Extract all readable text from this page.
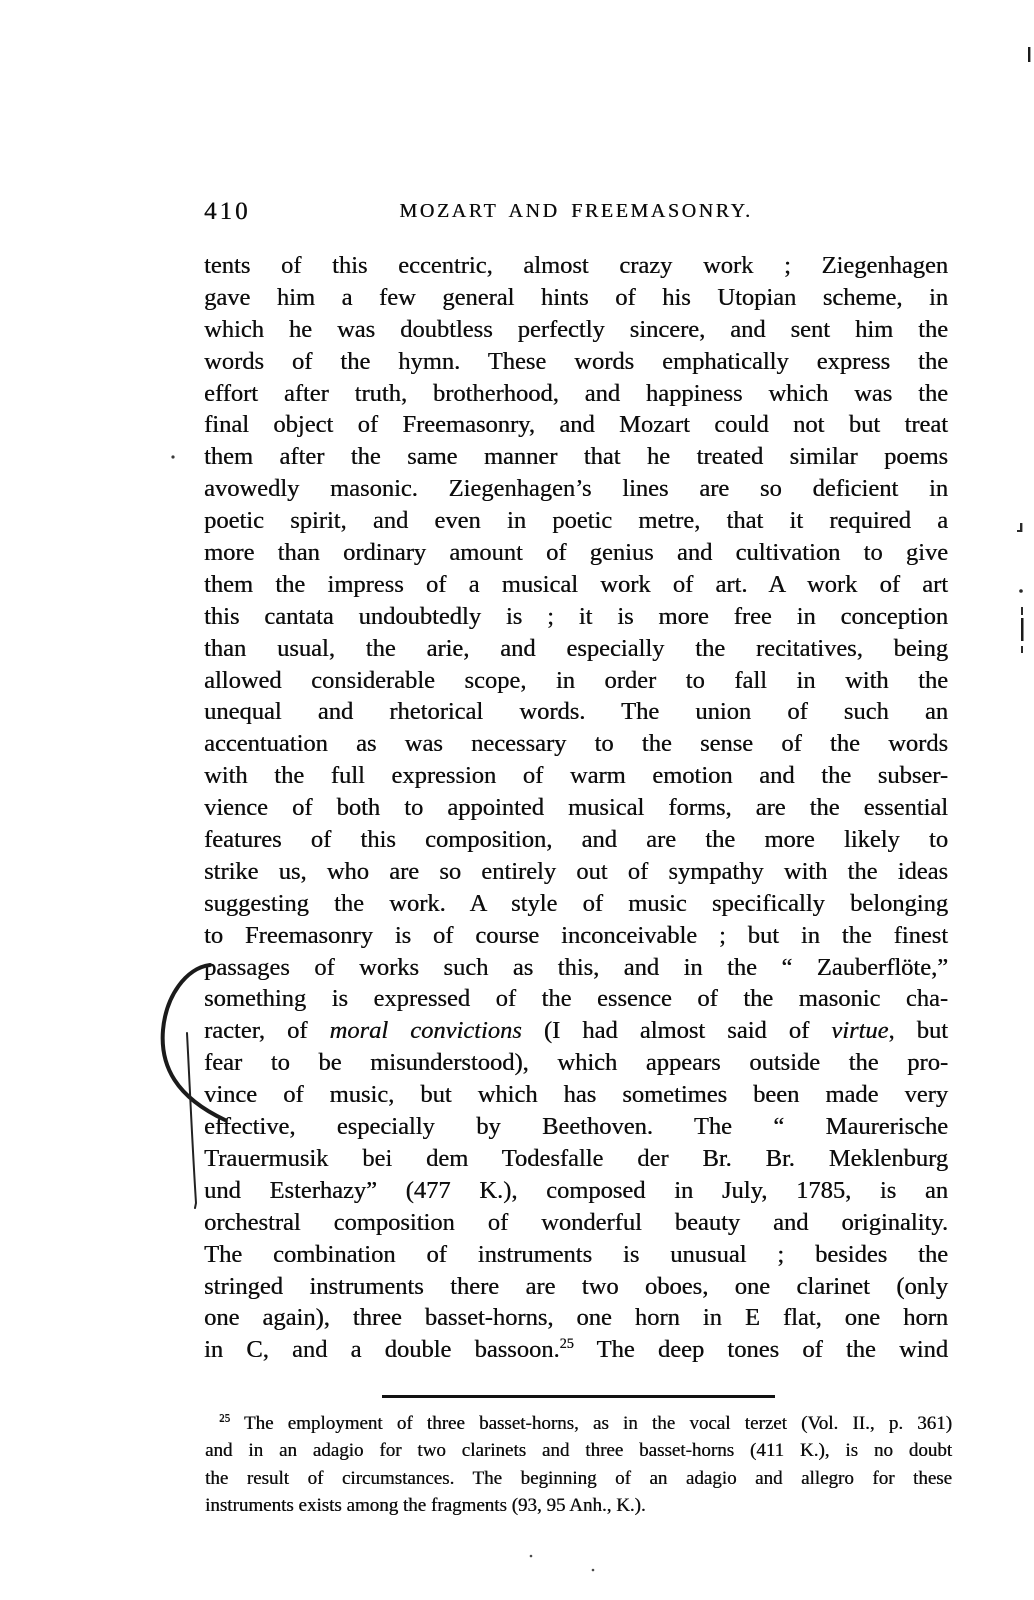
410	MOZART AND FREEMASONRY.
tents of this eccentric, almost crazy work ; Ziegenhagen
gave him a few general hints of his Utopian scheme, in
which he was doubtless perfectly sincere, and sent him the
words of the hymn. These words emphatically express the
effort after truth, brotherhood, and happiness which was the
final object of Freemasonry, and Mozart could not but treat
them after the same manner that he treated similar poems
avowedly masonic. Ziegenhagen’s lines are so deficient in
poetic spirit, and even in poetic metre, that it required a
more than ordinary amount of genius and cultivation to give
them the impress of a musical work of art. A work of art
this cantata undoubtedly is ; it is more free in conception
than usual, the arie, and especially the recitatives, being
allowed considerable scope, in order to fall in with the
unequal and rhetorical words. The union of such an
accentuation as was necessary to the sense of the words
with the full expression of warm emotion and the subser-
vience of both to appointed musical forms, are the essential
features of this composition, and are the more likely to
strike us, who are so entirely out of sympathy with the ideas
suggesting the work. A style of music specifically belonging
to Freemasonry is of course inconceivable ; but in the finest
passages of works such as this, and in the “ Zauberflöte,”
something is expressed of the essence of the masonic cha-
racter, of moral convictions (I had almost said of virtue, but
fear to be misunderstood), which appears outside the pro-
vince of music, but which has sometimes been made very
effective, especially by Beethoven. The “ Maurerische
Trauermusik bei dem Todesfalle der Br. Br. Meklenburg
und Esterhazy” (477 K.), composed in July, 1785, is an
orchestral composition of wonderful beauty and originality.
The combination of instruments is unusual ; besides the
stringed instruments there are two oboes, one clarinet (only
one again), three basset-horns, one horn in E flat, one horn
in C, and a double bassoon.$^{25}$ The deep tones of the wind
$^{25}$ The employment of three basset-horns, as in the vocal terzet (Vol. II., p. 361)
and in an adagio for two clarinets and three basset-horns (411 K.), is no doubt
the result of circumstances. The beginning of an adagio and allegro for these
instruments exists among the fragments (93, 95 Anh., K.).
